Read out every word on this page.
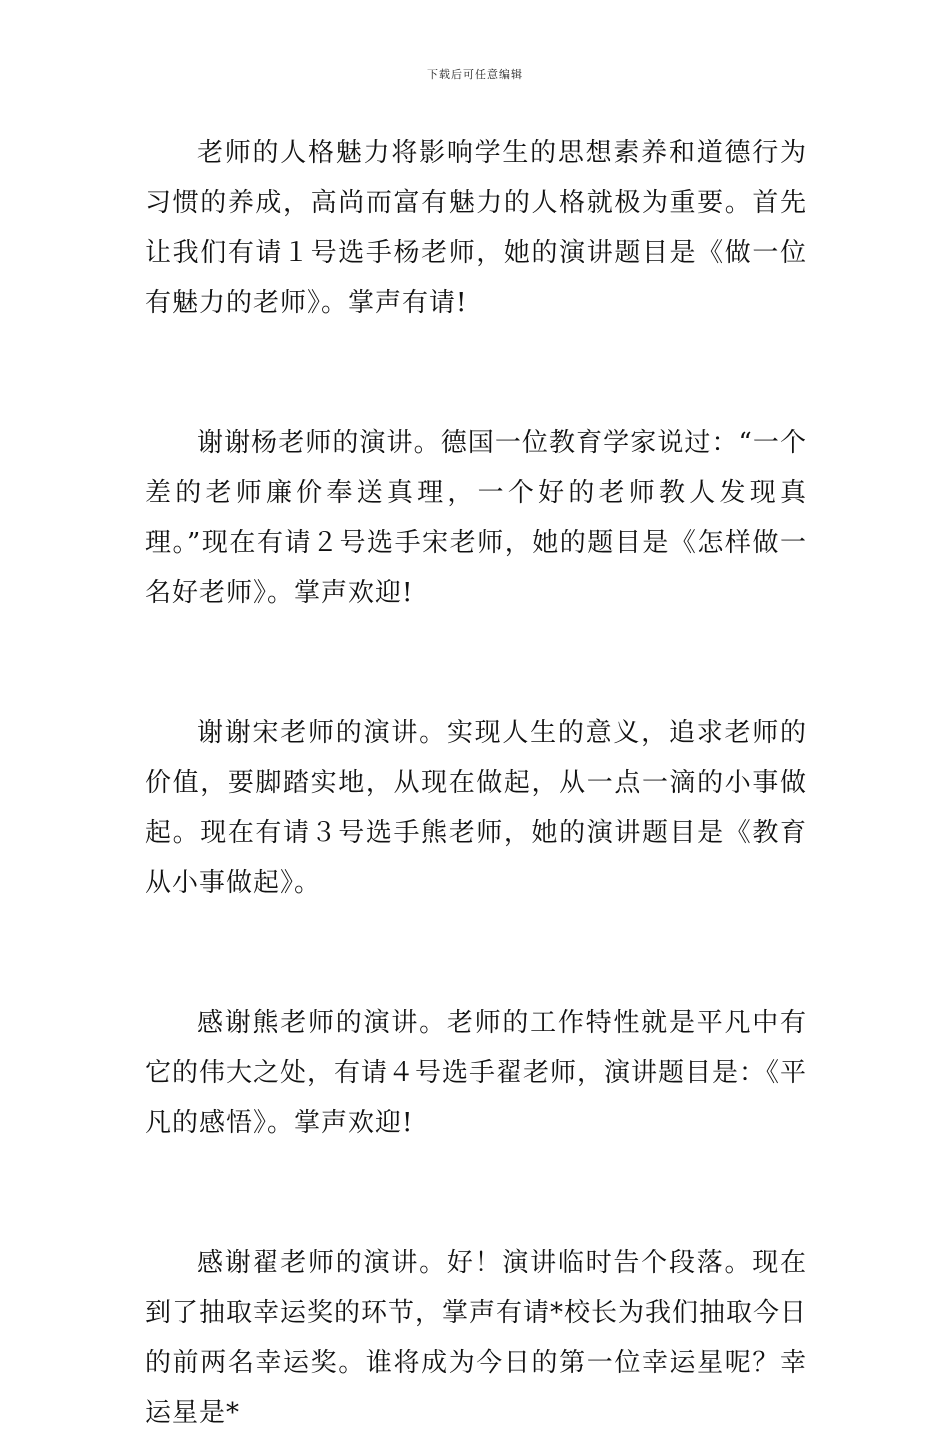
下载后可任意编辑

老师的人格魅力将影响学生的思想素养和道德行为习惯的养成，高尚而富有魅力的人格就极为重要。首先让我们有请１号选手杨老师，她的演讲题目是《做一位有魅力的老师》。掌声有请!

谢谢杨老师的演讲。德国一位教育学家说过：“一个差的老师廉价奉送真理，一个好的老师教人发现真理。”现在有请２号选手宋老师，她的题目是《怎样做一名好老师》。掌声欢迎!

谢谢宋老师的演讲。实现人生的意义，追求老师的价值，要脚踏实地，从现在做起，从一点一滴的小事做起。现在有请３号选手熊老师，她的演讲题目是《教育从小事做起》。

感谢熊老师的演讲。老师的工作特性就是平凡中有它的伟大之处，有请４号选手翟老师，演讲题目是：《平凡的感悟》。掌声欢迎!

感谢翟老师的演讲。好！演讲临时告个段落。现在到了抽取幸运奖的环节，掌声有请*校长为我们抽取今日的前两名幸运奖。谁将成为今日的第一位幸运星呢？幸运星是*
